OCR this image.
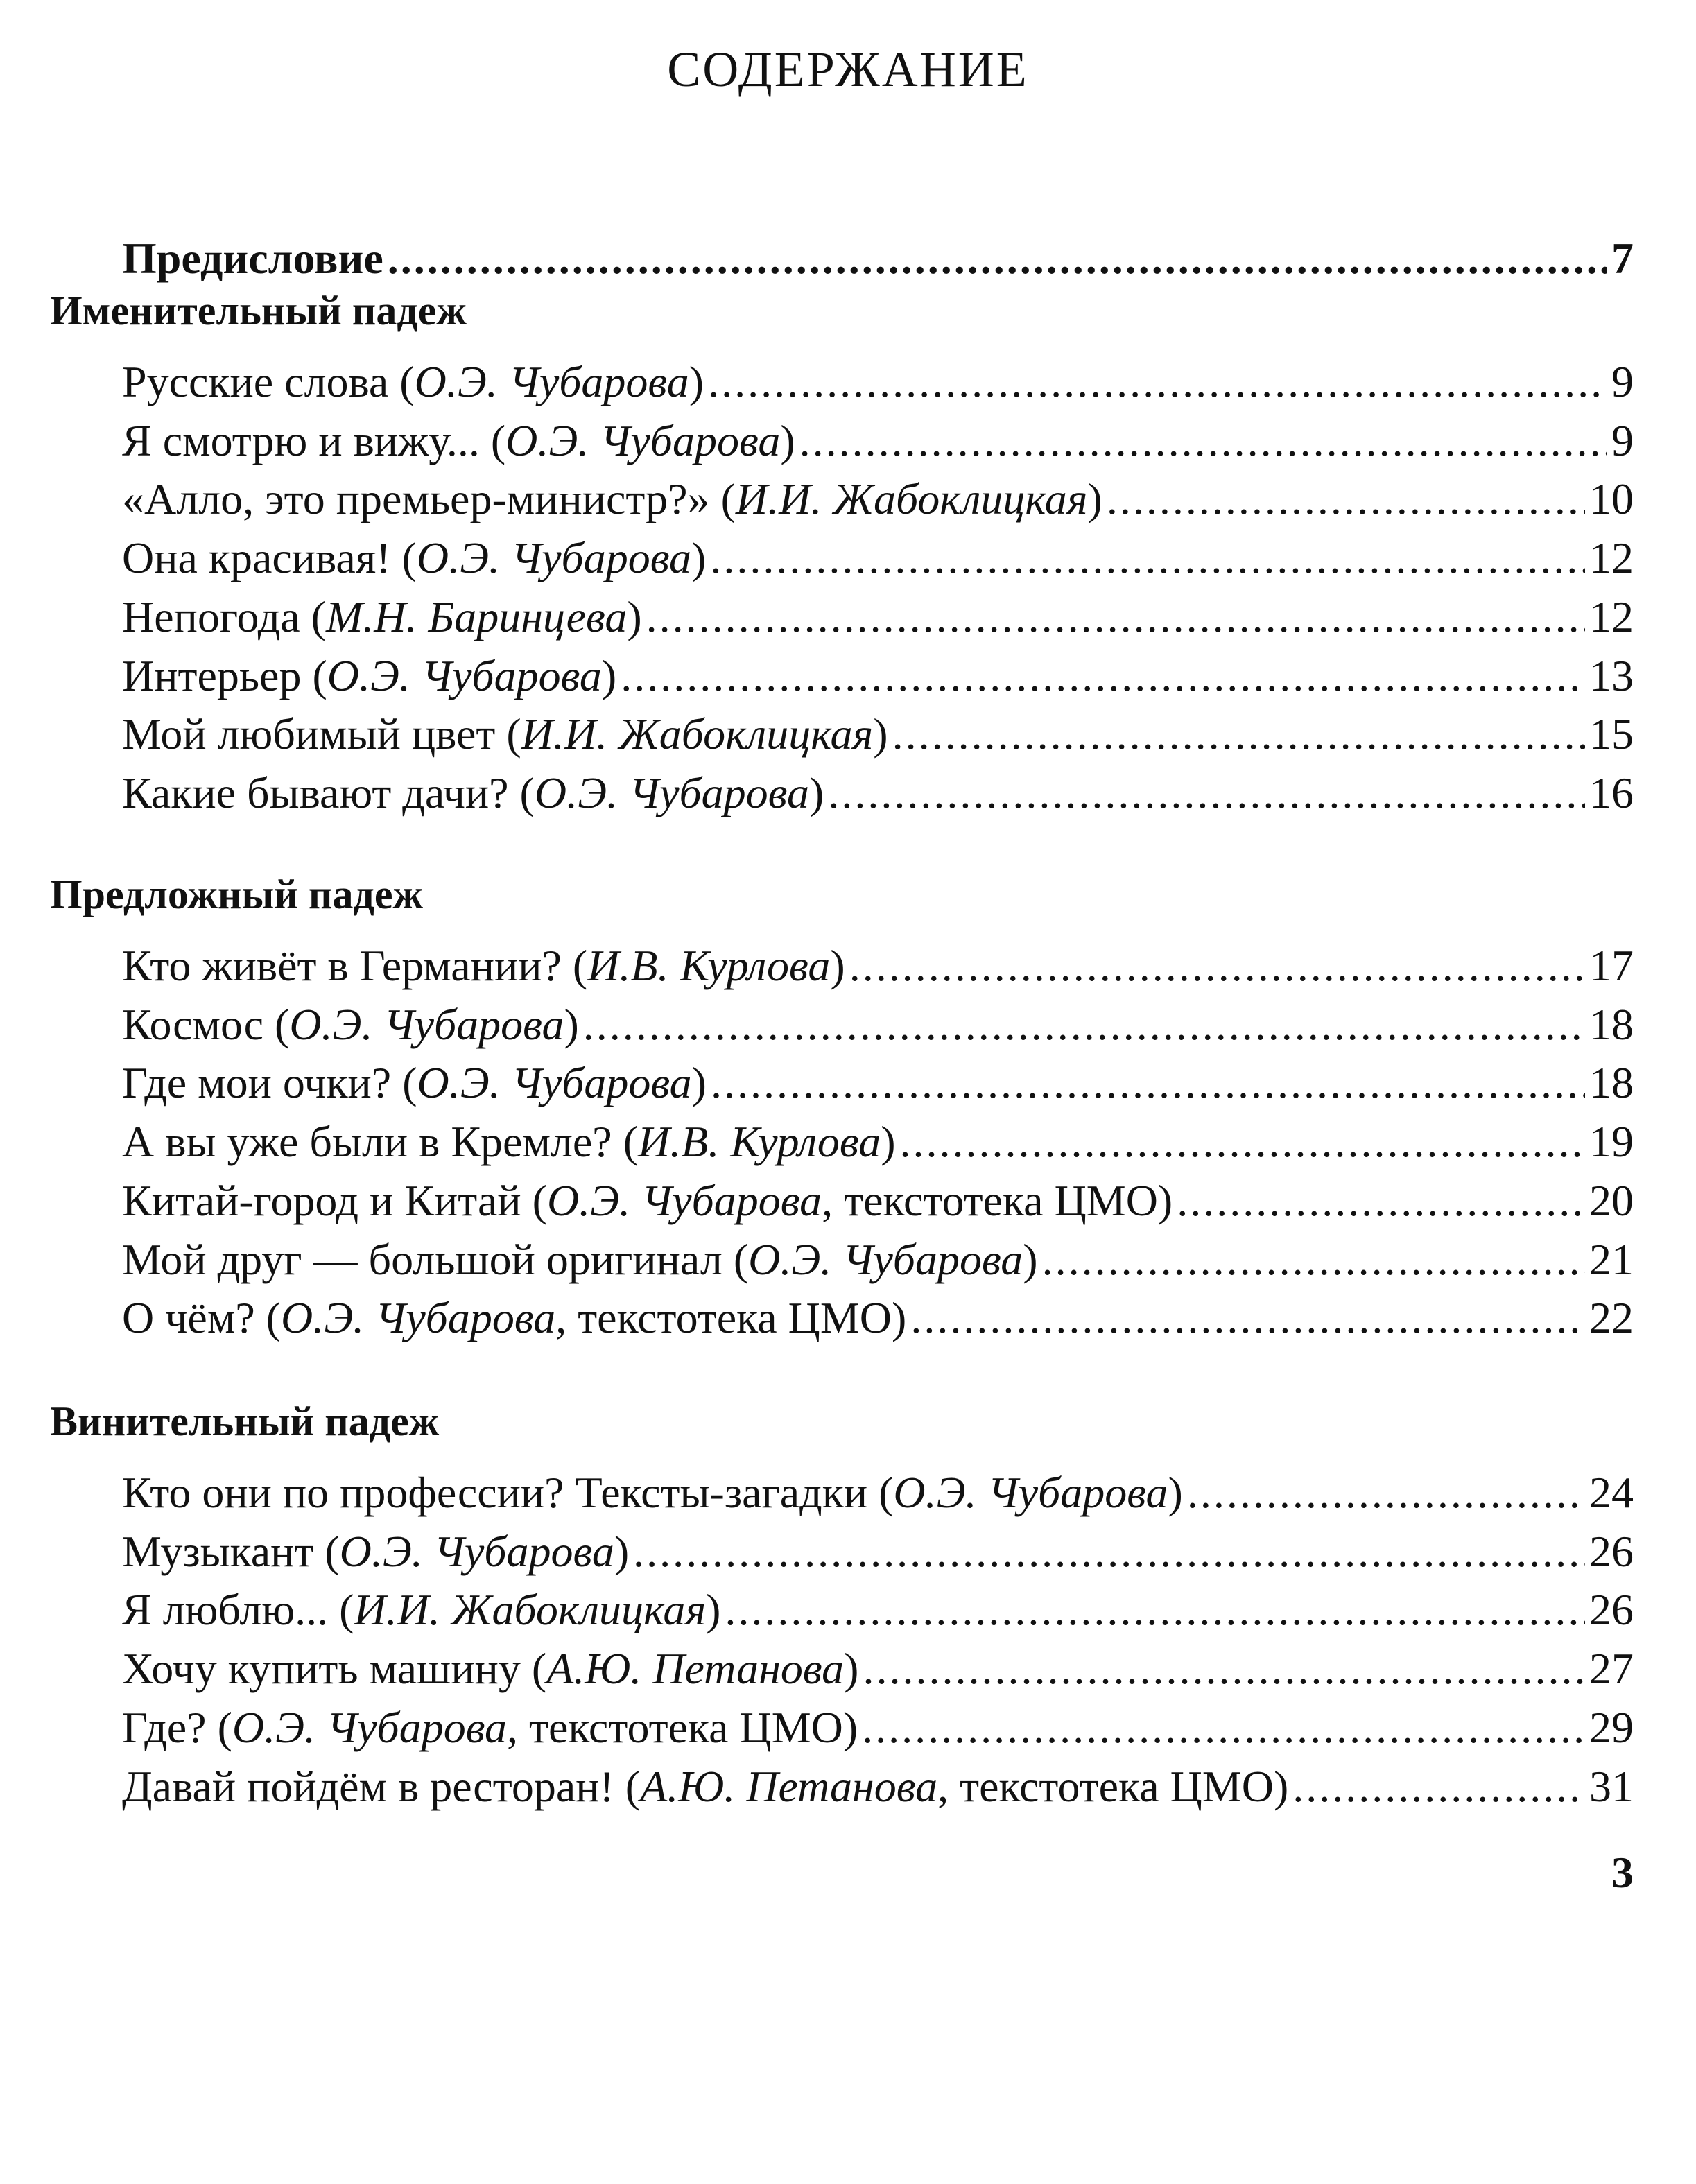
СОДЕРЖАНИЕ
Предисловие .....	7
Именительный падеж
Русские слова (О.Э. Чубарова) .....	9
Я смотрю и вижу... (О.Э. Чубарова) .....	9
«Алло, это премьер-министр?» (И.И. Жабоклицкая) .....	10
Она красивая! (О.Э. Чубарова) .....	12
Непогода (М.Н. Баринцева) .....	12
Интерьер (О.Э. Чубарова) .....	13
Мой любимый цвет (И.И. Жабоклицкая) .....	15
Какие бывают дачи? (О.Э. Чубарова) .....	16
Предложный падеж
Кто живёт в Германии? (И.В. Курлова) .....	17
Космос (О.Э. Чубарова) .....	18
Где мои очки? (О.Э. Чубарова) .....	18
А вы уже были в Кремле? (И.В. Курлова) .....	19
Китай-город и Китай (О.Э. Чубарова, текстотека ЦМО) .....	20
Мой друг — большой оригинал (О.Э. Чубарова) .....	21
О чём? (О.Э. Чубарова, текстотека ЦМО) .....	22
Винительный падеж
Кто они по профессии? Тексты-загадки (О.Э. Чубарова) .....	24
Музыкант (О.Э. Чубарова) .....	26
Я люблю... (И.И. Жабоклицкая) .....	26
Хочу купить машину (А.Ю. Петанова) .....	27
Где? (О.Э. Чубарова, текстотека ЦМО) .....	29
Давай пойдём в ресторан! (А.Ю. Петанова, текстотека ЦМО) .....	31
3
